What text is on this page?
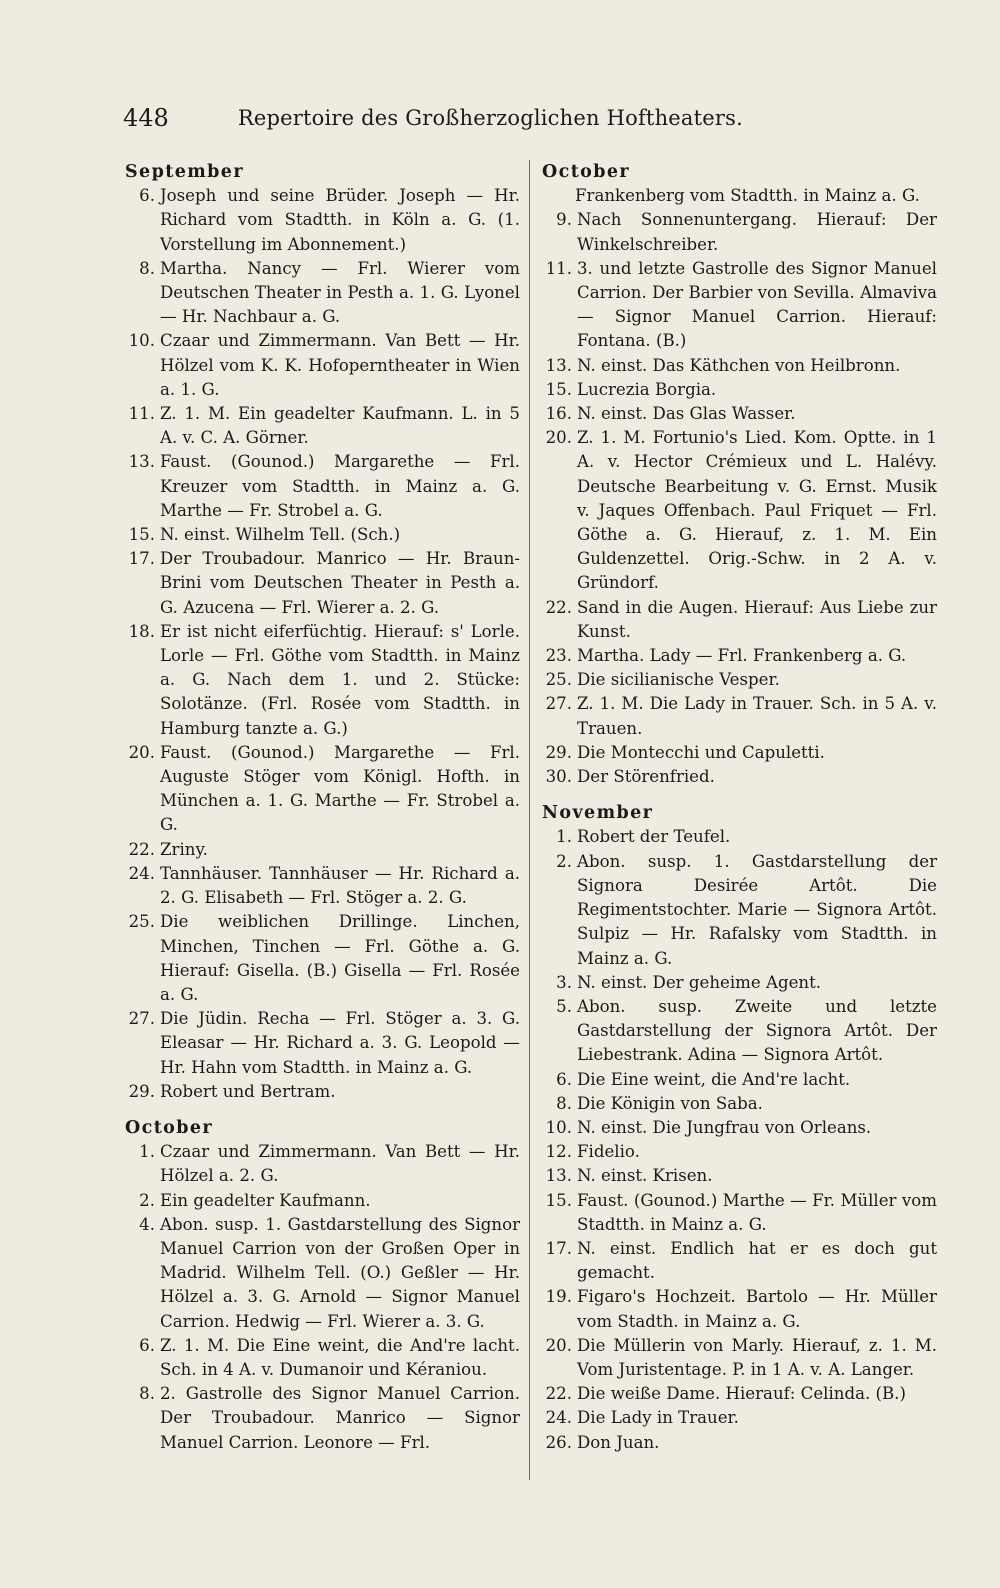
448	Repertoire des Großherzoglichen Hoftheaters.
September
6. Joseph und seine Brüder. Joseph — Hr. Richard vom Stadtth. in Köln a. G. (1. Vorstellung im Abonnement.)
8. Martha. Nancy — Frl. Wierer vom Deutschen Theater in Pesth a. 1. G. Lyonel — Hr. Nachbaur a. G.
10. Czaar und Zimmermann. Van Bett — Hr. Hölzel vom K. K. Hofoperntheater in Wien a. 1. G.
11. Z. 1. M. Ein geadelter Kaufmann. L. in 5 A. v. C. A. Görner.
13. Faust. (Gounod.) Margarethe — Frl. Kreuzer vom Stadtth. in Mainz a. G. Marthe — Fr. Strobel a. G.
15. N. einst. Wilhelm Tell. (Sch.)
17. Der Troubadour. Manrico — Hr. Braun-Brini vom Deutschen Theater in Pesth a. G. Azucena — Frl. Wierer a. 2. G.
18. Er ist nicht eiferfüchtig. Hierauf: s' Lorle. Lorle — Frl. Göthe vom Stadtth. in Mainz a. G. Nach dem 1. und 2. Stücke: Solotänze. (Frl. Rosée vom Stadtth. in Hamburg tanzte a. G.)
20. Faust. (Gounod.) Margarethe — Frl. Auguste Stöger vom Königl. Hofth. in München a. 1. G. Marthe — Fr. Strobel a. G.
22. Zriny.
24. Tannhäuser. Tannhäuser — Hr. Richard a. 2. G. Elisabeth — Frl. Stöger a. 2. G.
25. Die weiblichen Drillinge. Linchen, Minchen, Tinchen — Frl. Göthe a. G. Hierauf: Gisella. (B.) Gisella — Frl. Rosée a. G.
27. Die Jüdin. Recha — Frl. Stöger a. 3. G. Eleasar — Hr. Richard a. 3. G. Leopold — Hr. Hahn vom Stadtth. in Mainz a. G.
29. Robert und Bertram.
October
1. Czaar und Zimmermann. Van Bett — Hr. Hölzel a. 2. G.
2. Ein geadelter Kaufmann.
4. Abon. susp. 1. Gastdarstellung des Signor Manuel Carrion von der Großen Oper in Madrid. Wilhelm Tell. (O.) Geßler — Hr. Hölzel a. 3. G. Arnold — Signor Manuel Carrion. Hedwig — Frl. Wierer a. 3. G.
6. Z. 1. M. Die Eine weint, die And're lacht. Sch. in 4 A. v. Dumanoir und Kéraniou.
8. 2. Gastrolle des Signor Manuel Carrion. Der Troubadour. Manrico — Signor Manuel Carrion. Leonore — Frl.
October
Frankenberg vom Stadtth. in Mainz a. G.
9. Nach Sonnenuntergang. Hierauf: Der Winkelschreiber.
11. 3. und letzte Gastrolle des Signor Manuel Carrion. Der Barbier von Sevilla. Almaviva — Signor Manuel Carrion. Hierauf: Fontana. (B.)
13. N. einst. Das Käthchen von Heilbronn.
15. Lucrezia Borgia.
16. N. einst. Das Glas Wasser.
20. Z. 1. M. Fortunio's Lied. Kom. Optte. in 1 A. v. Hector Crémieux und L. Halévy. Deutsche Bearbeitung v. G. Ernst. Musik v. Jaques Offenbach. Paul Friquet — Frl. Göthe a. G. Hierauf, z. 1. M. Ein Guldenzettel. Orig.-Schw. in 2 A. v. Gründorf.
22. Sand in die Augen. Hierauf: Aus Liebe zur Kunst.
23. Martha. Lady — Frl. Frankenberg a. G.
25. Die sicilianische Vesper.
27. Z. 1. M. Die Lady in Trauer. Sch. in 5 A. v. Trauen.
29. Die Montecchi und Capuletti.
30. Der Störenfried.
November
1. Robert der Teufel.
2. Abon. susp. 1. Gastdarstellung der Signora Desirée Artôt. Die Regimentstochter. Marie — Signora Artôt. Sulpiz — Hr. Rafalsky vom Stadtth. in Mainz a. G.
3. N. einst. Der geheime Agent.
5. Abon. susp. Zweite und letzte Gastdarstellung der Signora Artôt. Der Liebestrank. Adina — Signora Artôt.
6. Die Eine weint, die And're lacht.
8. Die Königin von Saba.
10. N. einst. Die Jungfrau von Orleans.
12. Fidelio.
13. N. einst. Krisen.
15. Faust. (Gounod.) Marthe — Fr. Müller vom Stadtth. in Mainz a. G.
17. N. einst. Endlich hat er es doch gut gemacht.
19. Figaro's Hochzeit. Bartolo — Hr. Müller vom Stadth. in Mainz a. G.
20. Die Müllerin von Marly. Hierauf, z. 1. M. Vom Juristentage. P. in 1 A. v. A. Langer.
22. Die weiße Dame. Hierauf: Celinda. (B.)
24. Die Lady in Trauer.
26. Don Juan.
